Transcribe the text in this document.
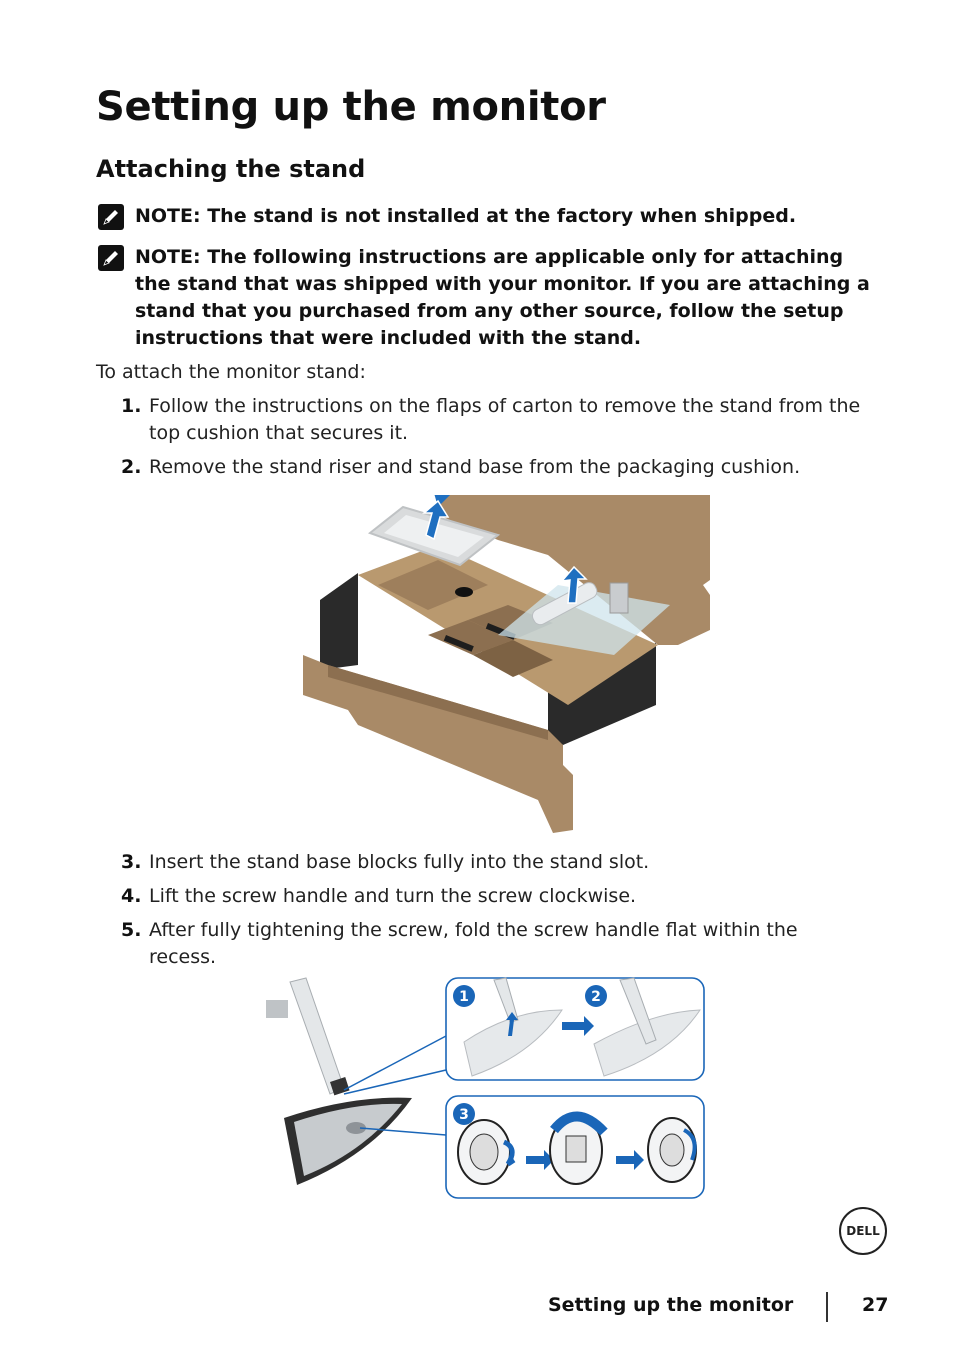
Setting up the monitor
Attaching the stand
NOTE: The stand is not installed at the factory when shipped.
NOTE: The following instructions are applicable only for attaching the stand that was shipped with your monitor. If you are attaching a stand that you purchased from any other source, follow the setup instructions that were included with the stand.
To attach the monitor stand:
1. Follow the instructions on the flaps of carton to remove the stand from the top cushion that secures it.
2. Remove the stand riser and stand base from the packaging cushion.
3. Insert the stand base blocks fully into the stand slot.
4. Lift the screw handle and turn the screw clockwise.
5. After fully tightening the screw, fold the screw handle flat within the recess.
1	2
3
DELL
Setting up the monitor	27
